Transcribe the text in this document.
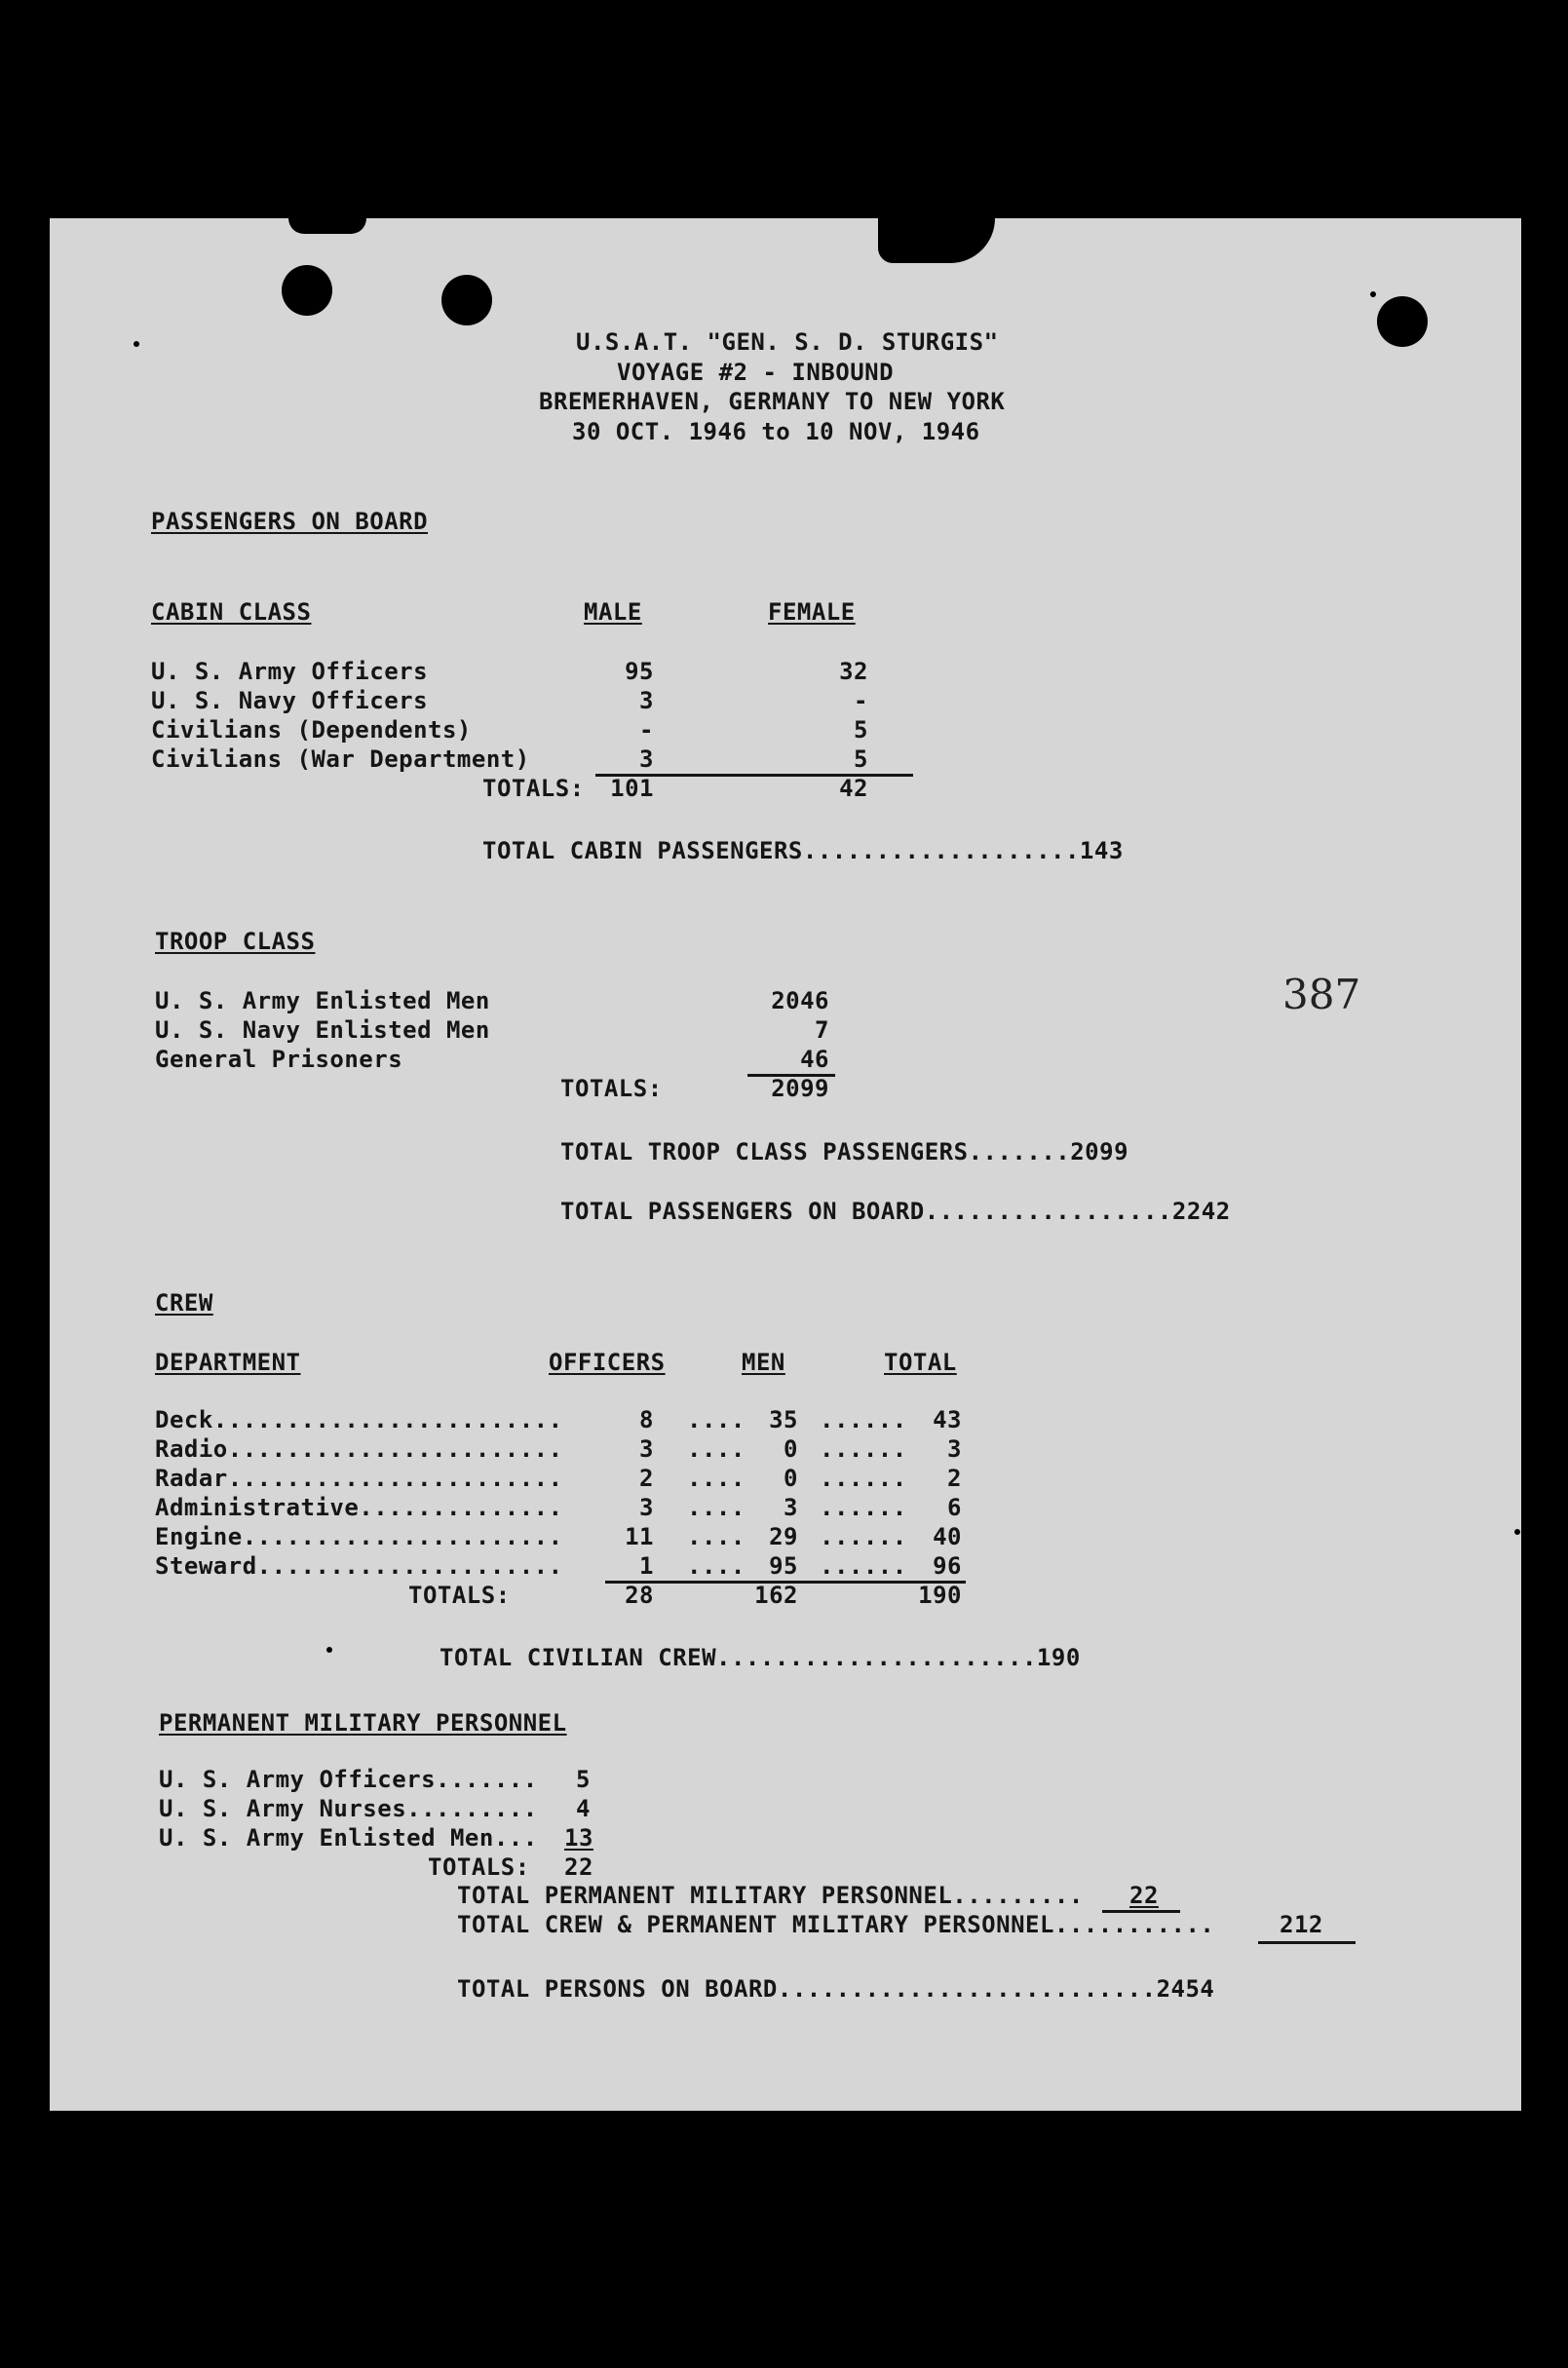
U.S.A.T. "GEN. S. D. STURGIS"
VOYAGE #2 - INBOUND
BREMERHAVEN, GERMANY TO NEW YORK
30 OCT. 1946 to 10 NOV, 1946
PASSENGERS ON BOARD
CABIN CLASS	MALE	FEMALE
U. S. Army Officers	95	32
U. S. Navy Officers	3	-
Civilians (Dependents)	-	5
Civilians (War Department)	3	5
TOTALS:	101	42
TOTAL CABIN PASSENGERS...................143
TROOP CLASS
U. S. Army Enlisted Men	2046
U. S. Navy Enlisted Men	7
General Prisoners	46
TOTALS:	2099
387
TOTAL TROOP CLASS PASSENGERS.......2099
TOTAL PASSENGERS ON BOARD.................2242
CREW
DEPARTMENT	OFFICERS	MEN	TOTAL
Deck........................	8 ....	35 ......	43
Radio.......................	3 ....	0 ......	3
Radar.......................	2 ....	0 ......	2
Administrative..............	3 ....	3 ......	6
Engine......................	11 ....	29 ......	40
Steward.....................	1 ....	95 ......	96
TOTALS:	28	162	190
TOTAL CIVILIAN CREW......................190
PERMANENT MILITARY PERSONNEL
U. S. Army Officers....... 5
U. S. Army Nurses......... 4
U. S. Army Enlisted Men... 13
TOTALS: 22
TOTAL PERMANENT MILITARY PERSONNEL......... 22
TOTAL CREW & PERMANENT MILITARY PERSONNEL...........	212
TOTAL PERSONS ON BOARD..........................2454
